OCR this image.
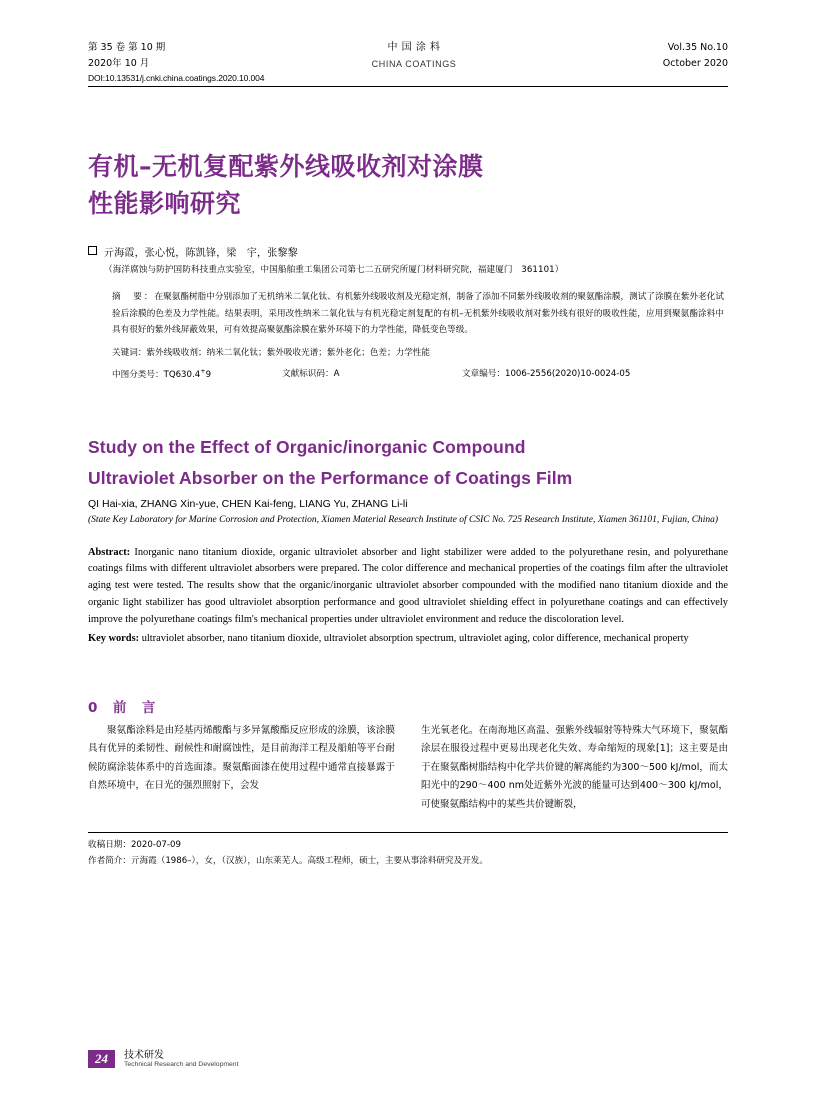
第 35 卷 第 10 期
2020年 10 月
中 国 涂 料
CHINA COATINGS
Vol.35 No.10
October 2020
DOI:10.13531/j.cnki.china.coatings.2020.10.004
有机–无机复配紫外线吸收剂对涂膜
性能影响研究
亓海霞，张心悦，陈凯锋，梁　宇，张黎黎
（海洋腐蚀与防护国防科技重点实验室，中国船舶重工集团公司第七二五研究所厦门材料研究院，福建厦门　361101）
摘　要：在聚氨酯树脂中分别添加了无机纳米二氧化钛、有机紫外线吸收剂及光稳定剂，制备了添加不同紫外线吸收剂的聚氨酯涂膜，测试了涂膜在紫外老化试验后涂膜的色差及力学性能。结果表明，采用改性纳米二氧化钛与有机光稳定剂复配的有机–无机紫外线吸收剂对紫外线有很好的吸收性能，应用到聚氨酯涂料中具有很好的紫外线屏蔽效果，可有效提高聚氨酯涂膜在紫外环境下的力学性能，降低变色等级。
关键词：紫外线吸收剂；纳米二氧化钛；紫外吸收光谱；紫外老化；色差；力学性能
中图分类号：TQ630.4+9	文献标识码：A	文章编号：1006-2556(2020)10-0024-05
Study on the Effect of Organic/inorganic Compound
Ultraviolet Absorber on the Performance of Coatings Film
QI Hai-xia, ZHANG Xin-yue, CHEN Kai-feng, LIANG Yu, ZHANG Li-li
(State Key Laboratory for Marine Corrosion and Protection, Xiamen Material Research Institute of CSIC No. 725 Research Institute, Xiamen 361101, Fujian, China)
Abstract: Inorganic nano titanium dioxide, organic ultraviolet absorber and light stabilizer were added to the polyurethane resin, and polyurethane coatings films with different ultraviolet absorbers were prepared. The color difference and mechanical properties of the coatings film after the ultraviolet aging test were tested. The results show that the organic/inorganic ultraviolet absorber compounded with the modified nano titanium dioxide and the organic light stabilizer has good ultraviolet absorption performance and good ultraviolet shielding effect in polyurethane coatings and can effectively improve the polyurethane coatings film's mechanical properties under ultraviolet environment and reduce the discoloration level.
Key words: ultraviolet absorber, nano titanium dioxide, ultraviolet absorption spectrum, ultraviolet aging, color difference, mechanical property
0　前　言

聚氨酯涂料是由羟基丙烯酸酯与多异氰酸酯反应形成的涂膜，该涂膜具有优异的柔韧性、耐候性和耐腐蚀性，是目前海洋工程及船舶等平台耐候防腐涂装体系中的首选面漆。聚氨酯面漆在使用过程中通常直接暴露于自然环境中，在日光的强烈照射下，会发

生光氧老化。在南海地区高温、强紫外线辐射等特殊大气环境下，聚氨酯涂层在服役过程中更易出现老化失效、寿命缩短的现象[1]；这主要是由于在聚氨酯树脂结构中化学共价键的解离能约为300～500 kJ/mol，而太阳光中的290～400 nm处近紫外光波的能量可达到400～300 kJ/mol，可使聚氨酯结构中的某些共价键断裂，

收稿日期：2020-07-09
作者简介：亓海霞（1986–），女，（汉族），山东莱芜人。高级工程师，硕士，主要从事涂料研究及开发。
24	技术研发
Technical Research and Development
